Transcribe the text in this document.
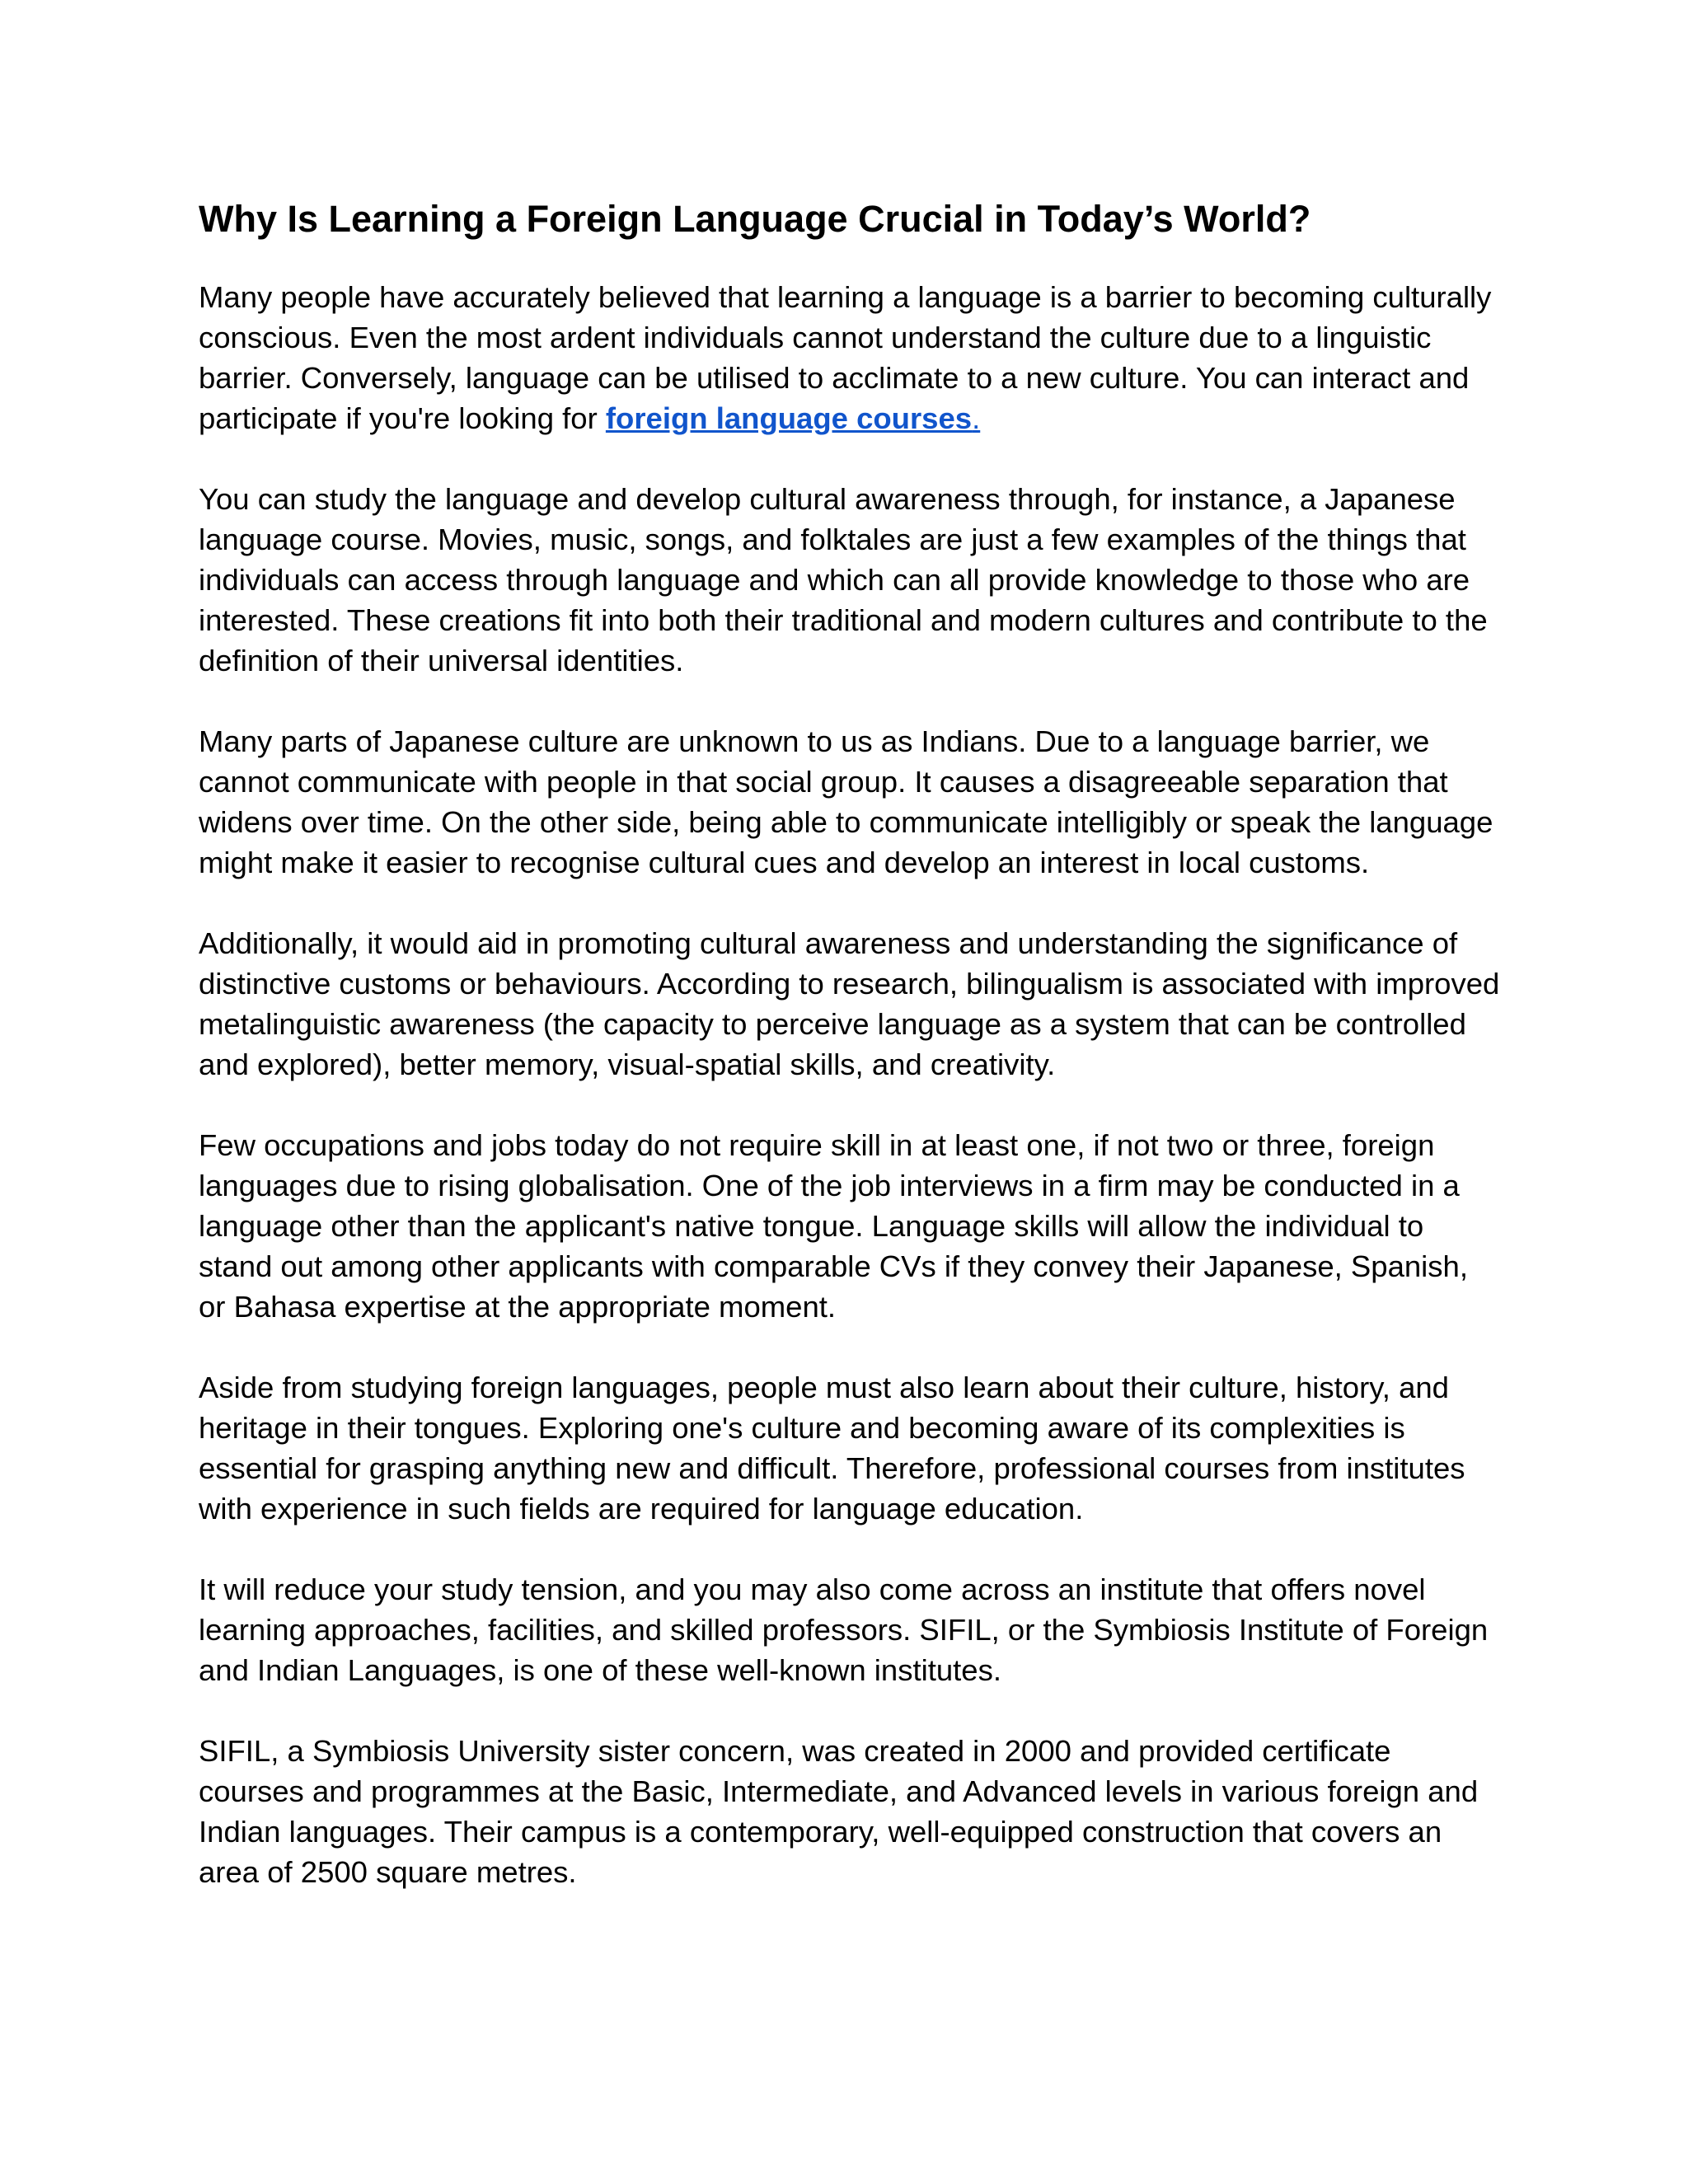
Why Is Learning a Foreign Language Crucial in Today’s World?

Many people have accurately believed that learning a language is a barrier to becoming culturally conscious. Even the most ardent individuals cannot understand the culture due to a linguistic barrier. Conversely, language can be utilised to acclimate to a new culture. You can interact and participate if you're looking for foreign language courses.

You can study the language and develop cultural awareness through, for instance, a Japanese language course. Movies, music, songs, and folktales are just a few examples of the things that individuals can access through language and which can all provide knowledge to those who are interested. These creations fit into both their traditional and modern cultures and contribute to the definition of their universal identities.

Many parts of Japanese culture are unknown to us as Indians. Due to a language barrier, we cannot communicate with people in that social group. It causes a disagreeable separation that widens over time. On the other side, being able to communicate intelligibly or speak the language might make it easier to recognise cultural cues and develop an interest in local customs.

Additionally, it would aid in promoting cultural awareness and understanding the significance of distinctive customs or behaviours. According to research, bilingualism is associated with improved metalinguistic awareness (the capacity to perceive language as a system that can be controlled and explored), better memory, visual-spatial skills, and creativity.

Few occupations and jobs today do not require skill in at least one, if not two or three, foreign languages due to rising globalisation. One of the job interviews in a firm may be conducted in a language other than the applicant's native tongue. Language skills will allow the individual to stand out among other applicants with comparable CVs if they convey their Japanese, Spanish, or Bahasa expertise at the appropriate moment.

Aside from studying foreign languages, people must also learn about their culture, history, and heritage in their tongues. Exploring one's culture and becoming aware of its complexities is essential for grasping anything new and difficult. Therefore, professional courses from institutes with experience in such fields are required for language education.

It will reduce your study tension, and you may also come across an institute that offers novel learning approaches, facilities, and skilled professors. SIFIL, or the Symbiosis Institute of Foreign and Indian Languages, is one of these well-known institutes.

SIFIL, a Symbiosis University sister concern, was created in 2000 and provided certificate courses and programmes at the Basic, Intermediate, and Advanced levels in various foreign and Indian languages. Their campus is a contemporary, well-equipped construction that covers an area of 2500 square metres.
